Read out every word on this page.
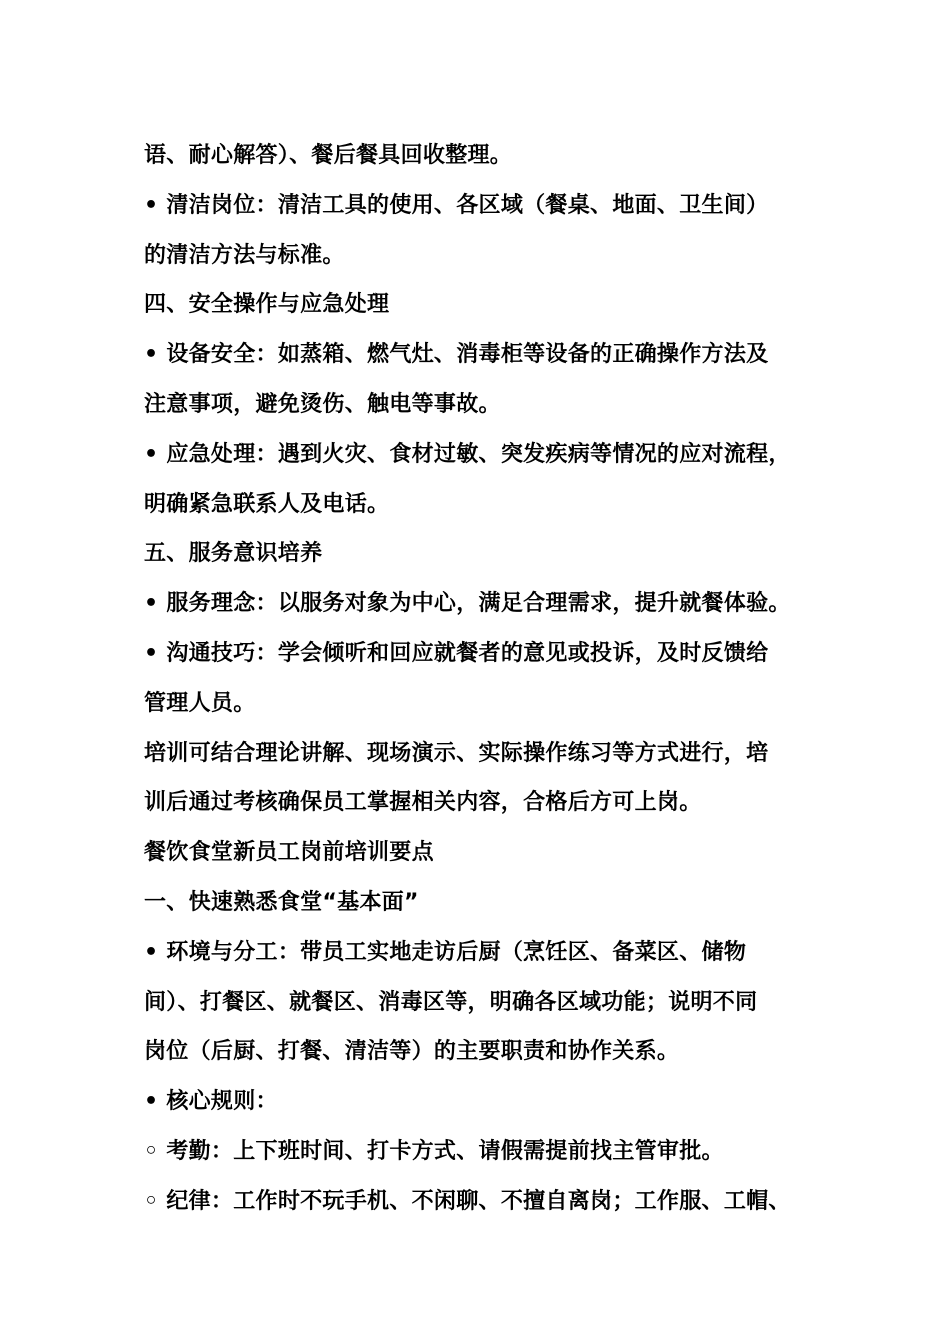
语、耐心解答）、餐后餐具回收整理。
• 清洁岗位：清洁工具的使用、各区域（餐桌、地面、卫生间）
的清洁方法与标准。
四、安全操作与应急处理
• 设备安全：如蒸箱、燃气灶、消毒柜等设备的正确操作方法及
注意事项，避免烫伤、触电等事故。
• 应急处理：遇到火灾、食材过敏、突发疾病等情况的应对流程，
明确紧急联系人及电话。
五、服务意识培养
• 服务理念：以服务对象为中心，满足合理需求，提升就餐体验。
• 沟通技巧：学会倾听和回应就餐者的意见或投诉，及时反馈给
管理人员。
培训可结合理论讲解、现场演示、实际操作练习等方式进行，培
训后通过考核确保员工掌握相关内容，合格后方可上岗。
餐饮食堂新员工岗前培训要点
一、快速熟悉食堂“基本面”
• 环境与分工：带员工实地走访后厨（烹饪区、备菜区、储物
间）、打餐区、就餐区、消毒区等，明确各区域功能；说明不同
岗位（后厨、打餐、清洁等）的主要职责和协作关系。
• 核心规则：
◦ 考勤：上下班时间、打卡方式、请假需提前找主管审批。
◦ 纪律：工作时不玩手机、不闲聊、不擅自离岗；工作服、工帽、
